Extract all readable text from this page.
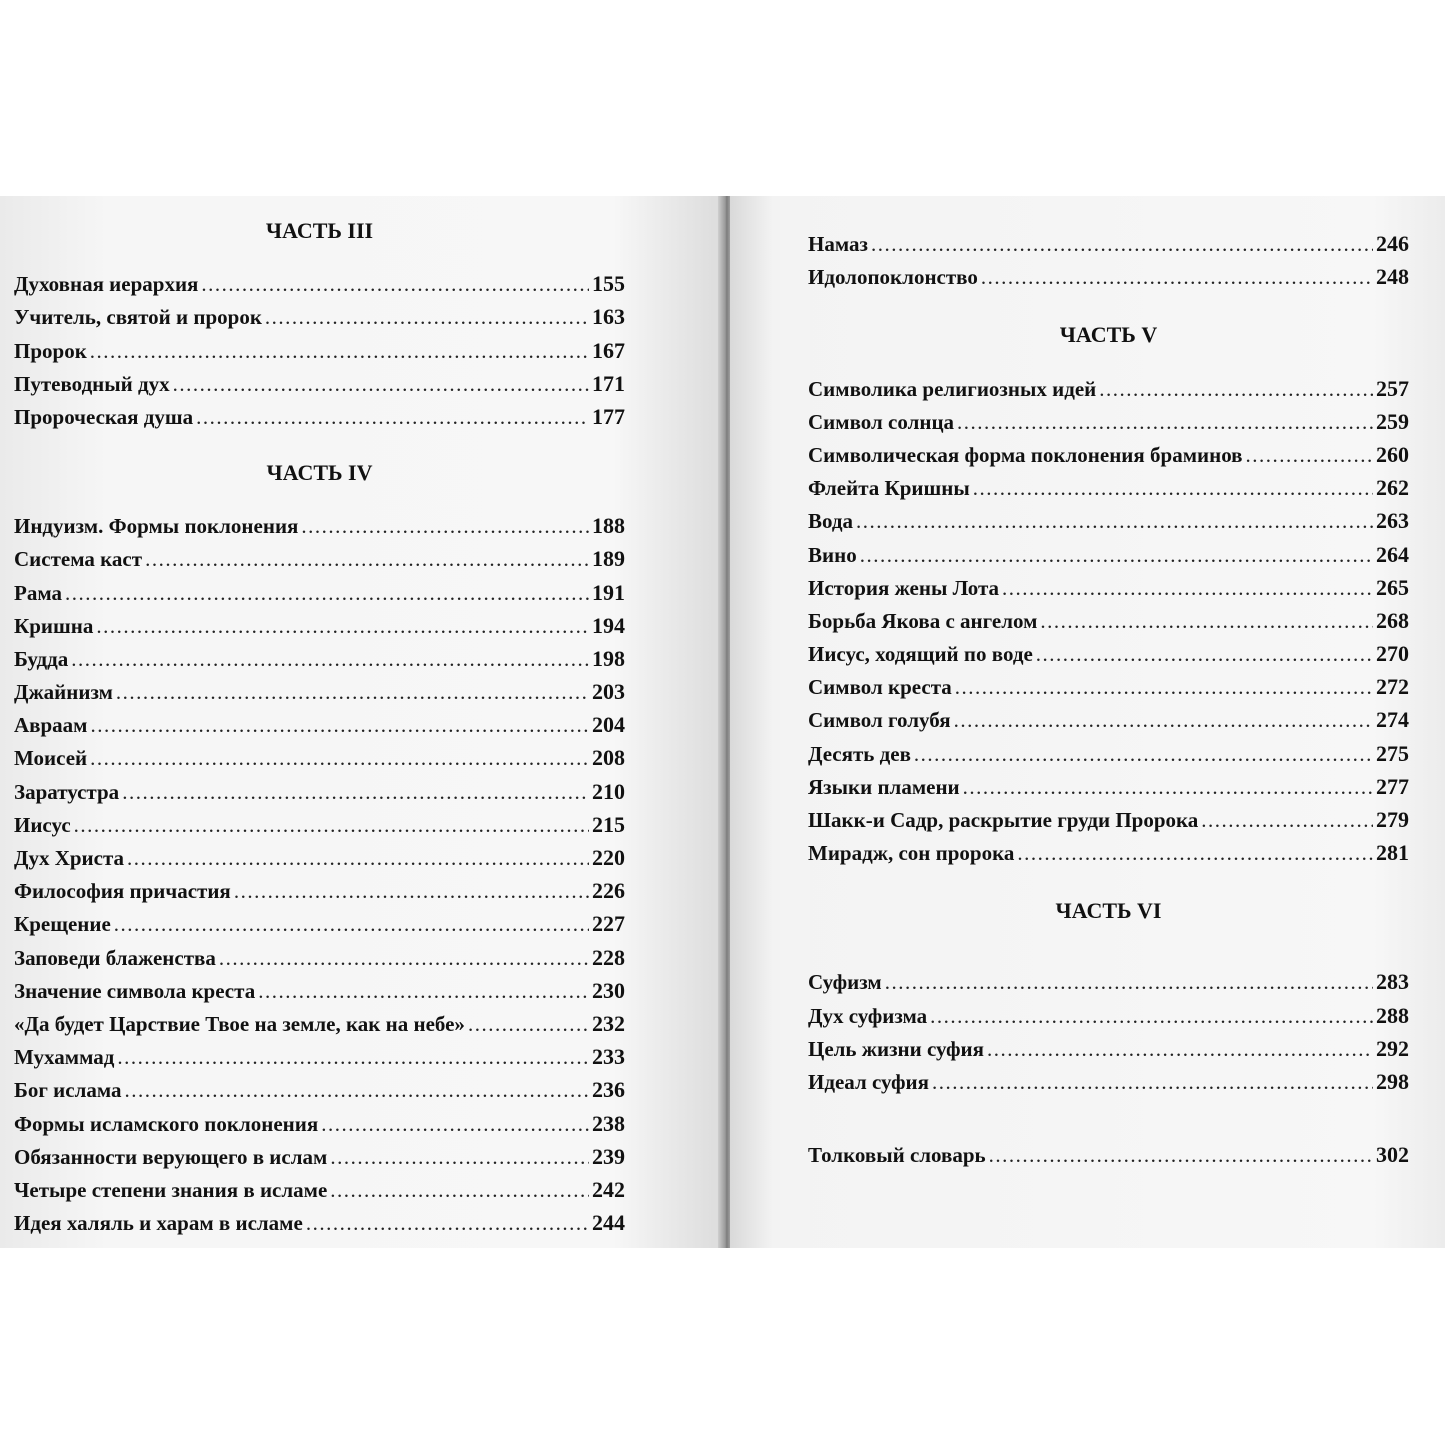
ЧАСТЬ III
Духовная иерархия .....	155
Учитель, святой и пророк .....	163
Пророк .....	167
Путеводный дух .....	171
Пророческая душа .....	177
ЧАСТЬ IV
Индуизм. Формы поклонения .....	188
Система каст .....	189
Рама .....	191
Кришна .....	194
Будда .....	198
Джайнизм .....	203
Авраам .....	204
Моисей .....	208
Заратустра .....	210
Иисус .....	215
Дух Христа .....	220
Философия причастия .....	226
Крещение .....	227
Заповеди блаженства .....	228
Значение символа креста .....	230
«Да будет Царствие Твое на земле, как на небе» .....	232
Мухаммад .....	233
Бог ислама .....	236
Формы исламского поклонения .....	238
Обязанности верующего в ислам .....	239
Четыре степени знания в исламе .....	242
Идея халяль и харам в исламе .....	244
Намаз .....	246
Идолопоклонство .....	248
ЧАСТЬ V
Символика религиозных идей .....	257
Символ солнца .....	259
Символическая форма поклонения браминов .....	260
Флейта Кришны .....	262
Вода .....	263
Вино .....	264
История жены Лота .....	265
Борьба Якова с ангелом .....	268
Иисус, ходящий по воде .....	270
Символ креста .....	272
Символ голубя .....	274
Десять дев .....	275
Языки пламени .....	277
Шакк-и Садр, раскрытие груди Пророка .....	279
Мирадж, сон пророка .....	281
ЧАСТЬ VI
Суфизм .....	283
Дух суфизма .....	288
Цель жизни суфия .....	292
Идеал суфия .....	298
Толковый словарь .....	302
